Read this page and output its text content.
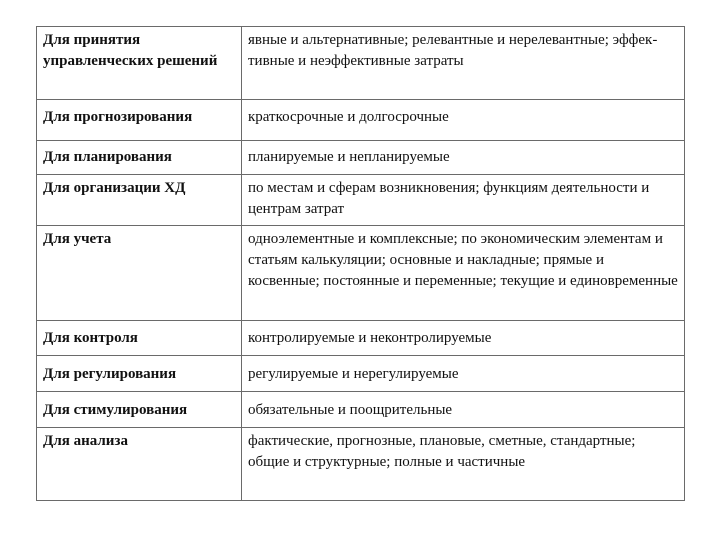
Для принятия управленческих решений	явные и альтернативные; релевантные и нерелевантные; эффек-тивные и неэффективные затраты
Для прогнозирования	краткосрочные и долгосрочные
Для планирования	планируемые и непланируемые
Для организации ХД	по местам и сферам возникновения; функциям деятельности и центрам затрат
Для учета	одноэлементные и комплексные; по экономическим элементам и статьям калькуляции; основные и накладные; прямые и косвенные; постоянные и переменные; текущие и единовременные
Для контроля	контролируемые и неконтролируемые
Для регулирования	регулируемые и нерегулируемые
Для стимулирования	обязательные и поощрительные
Для анализа	фактические, прогнозные, плановые, сметные, стандартные; общие и структурные; полные и частичные
